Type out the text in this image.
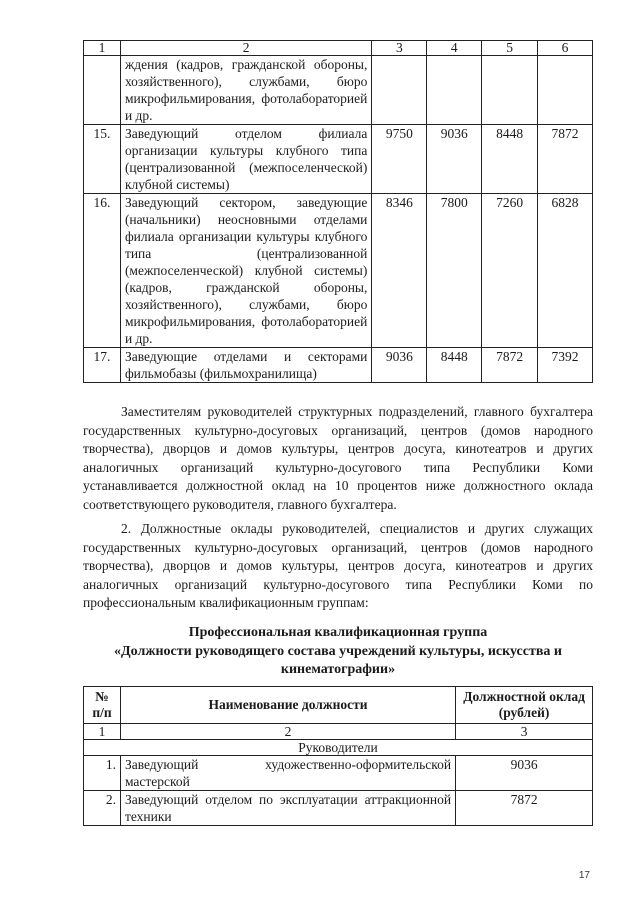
1	2	3	4	5	6
	ждения (кадров, гражданской обороны, хозяйственного), службами, бюро микрофильмирования, фотолабораторией и др.				
15.	Заведующий отделом филиала организации культуры клубного типа (централизованной (межпоселенческой) клубной системы)	9750	9036	8448	7872
16.	Заведующий сектором, заведующие (начальники) неосновными отделами филиала организации культуры клубного типа (централизованной (межпоселенческой) клубной системы) (кадров, гражданской обороны, хозяйственного), службами, бюро микрофильмирования, фотолабораторией и др.	8346	7800	7260	6828
17.	Заведующие отделами и секторами фильмобазы (фильмохранилища)	9036	8448	7872	7392

Заместителям руководителей структурных подразделений, главного бухгалтера государственных культурно-досуговых организаций, центров (домов народного творчества), дворцов и домов культуры, центров досуга, кинотеатров и других аналогичных организаций культурно-досугового типа Республики Коми устанавливается должностной оклад на 10 процентов ниже должностного оклада соответствующего руководителя, главного бухгалтера.

2. Должностные оклады руководителей, специалистов и других служащих государственных культурно-досуговых организаций, центров (домов народного творчества), дворцов и домов культуры, центров досуга, кинотеатров и других аналогичных организаций культурно-досугового типа Республики Коми по профессиональным квалификационным группам:

Профессиональная квалификационная группа
«Должности руководящего состава учреждений культуры, искусства и
кинематографии»
№ п/п	Наименование должности	Должностной оклад (рублей)
1	2	3
Руководители		
1.	Заведующий художественно-оформительской мастерской	9036
2.	Заведующий отделом по эксплуатации аттракционной техники	7872
17
